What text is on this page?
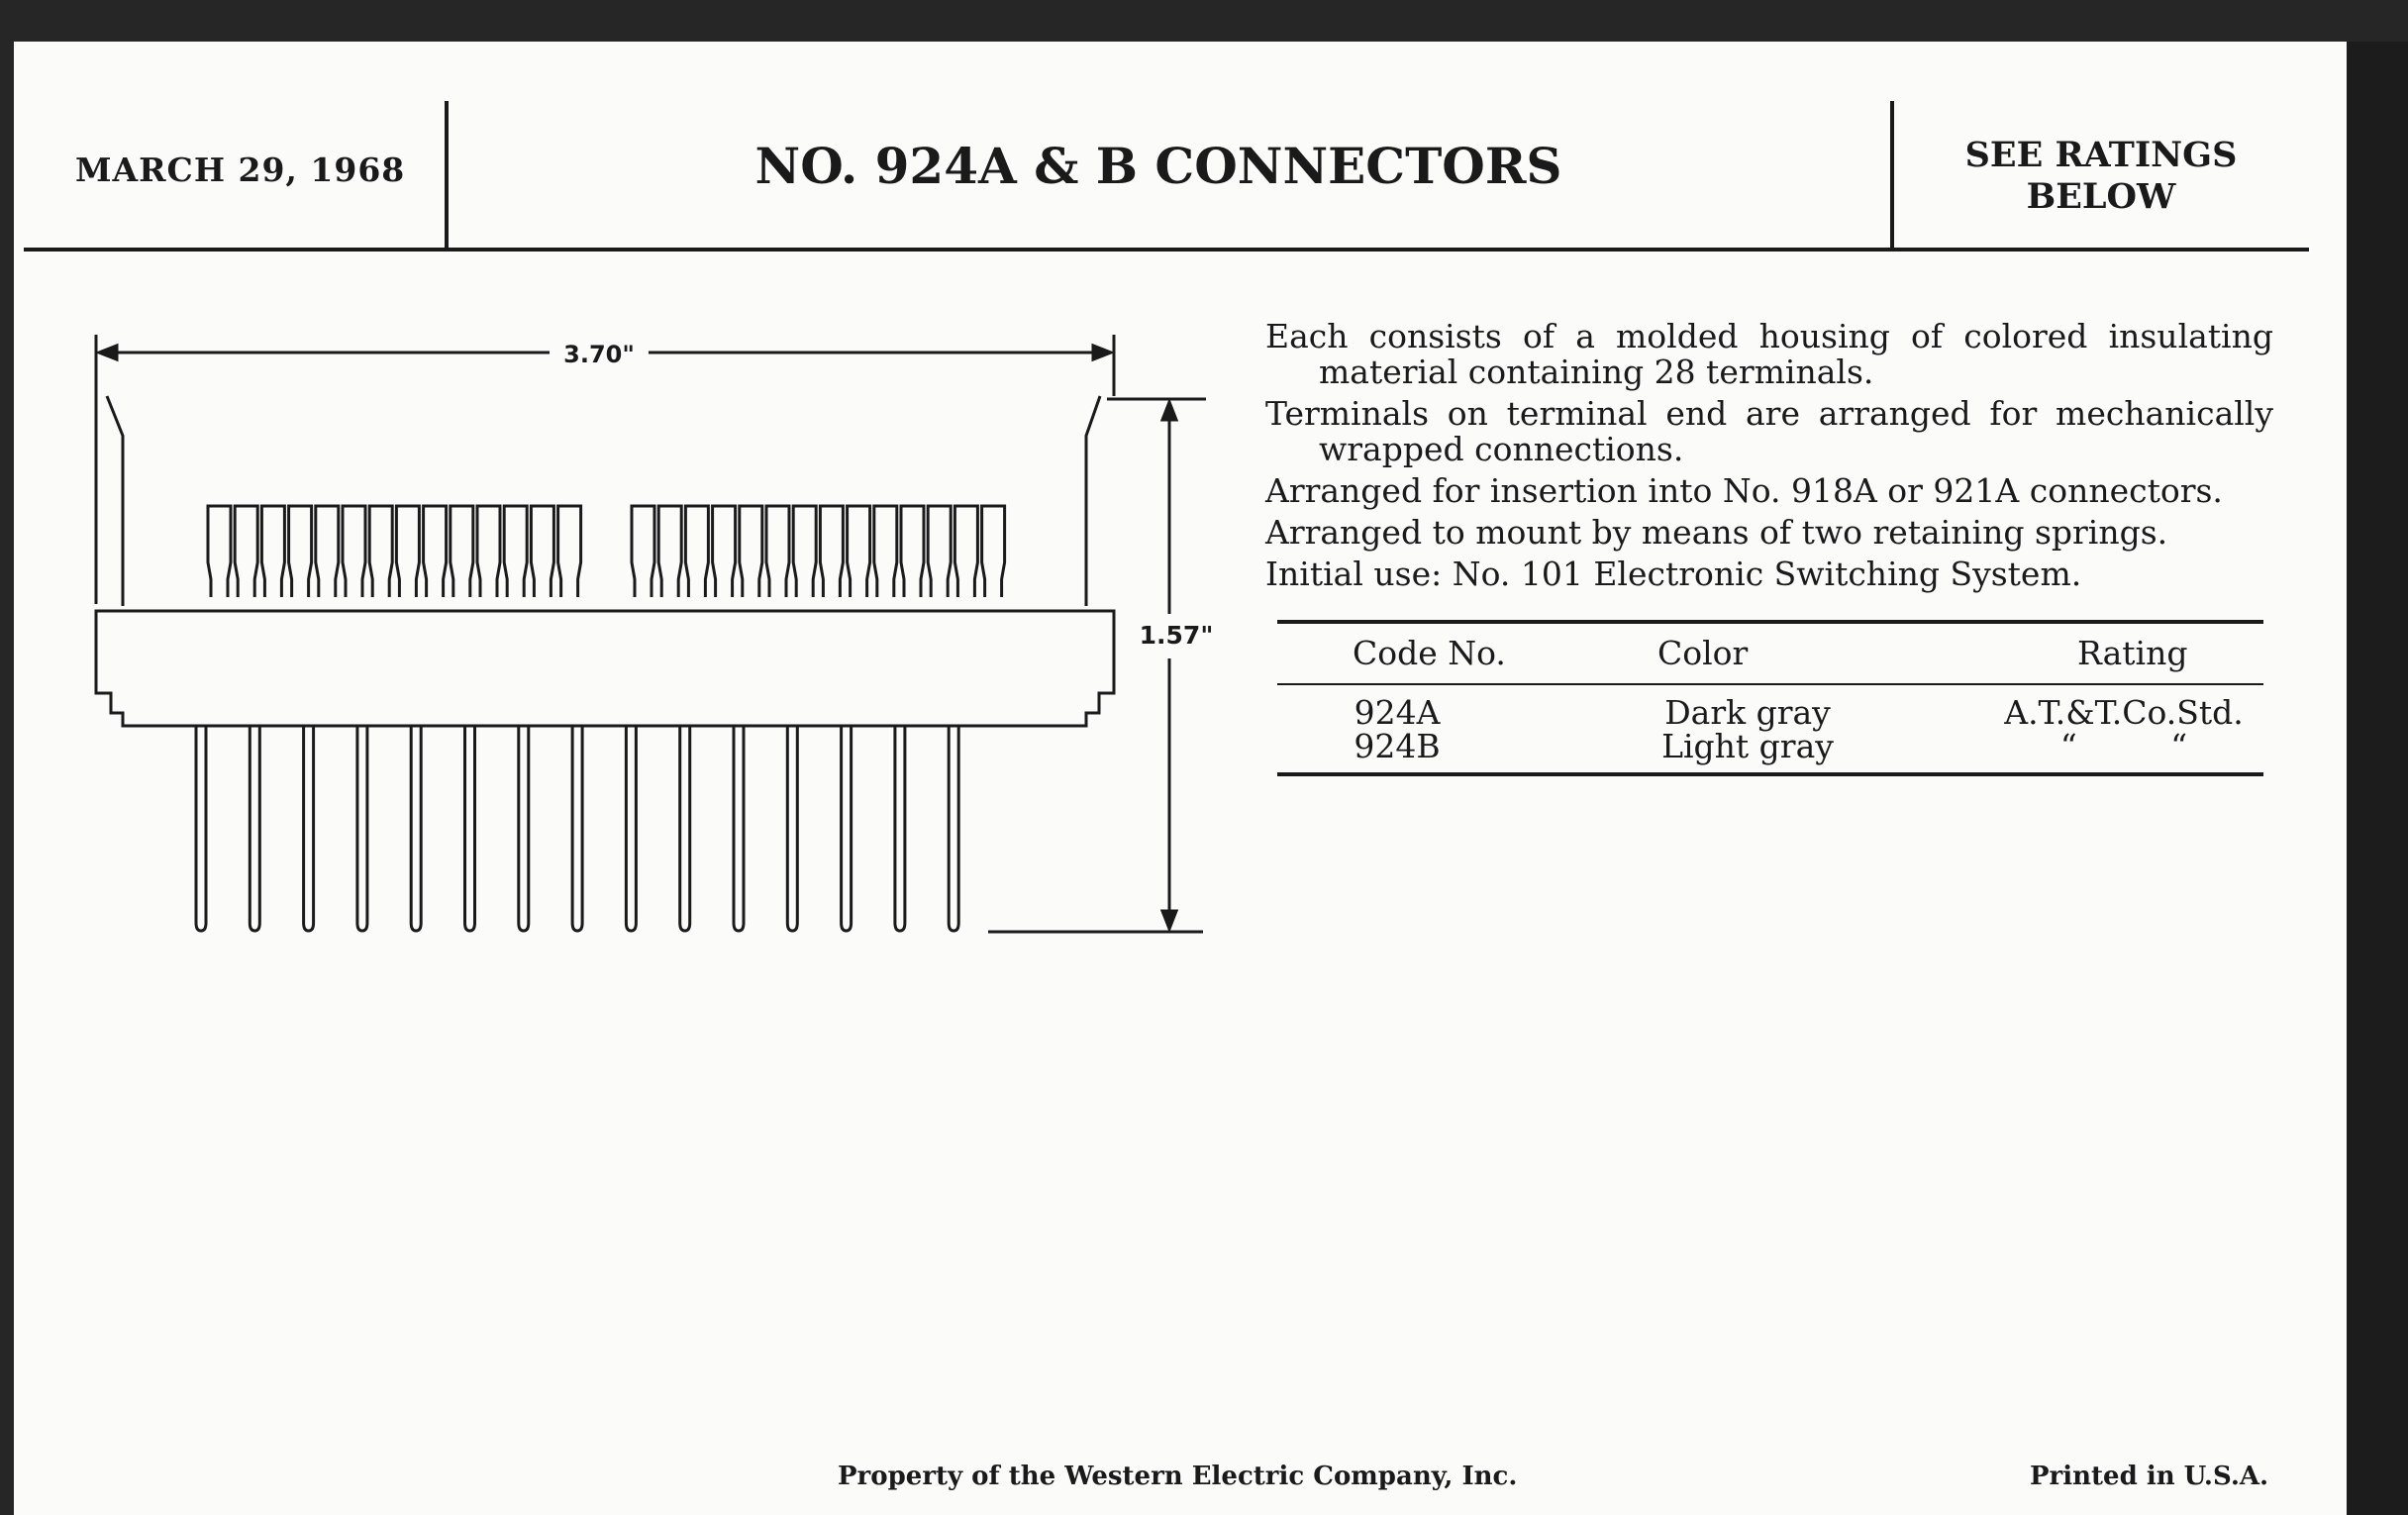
MARCH 29, 1968	NO. 924A & B CONNECTORS	SEE RATINGS
BELOW
3.70"
1.57"

Each consists of a molded housing of colored insulating material containing 28 terminals.

Terminals on terminal end are arranged for mechanically wrapped connections.

Arranged for insertion into No. 918A or 921A connectors.

Arranged to mount by means of two retaining springs.

Initial use: No. 101 Electronic Switching System.

Code No.	Color	Rating
924A	Dark gray	A.T.&T.Co.Std.
924B	Light gray	“         “
Property of the Western Electric Company, Inc.	Printed in U.S.A.
